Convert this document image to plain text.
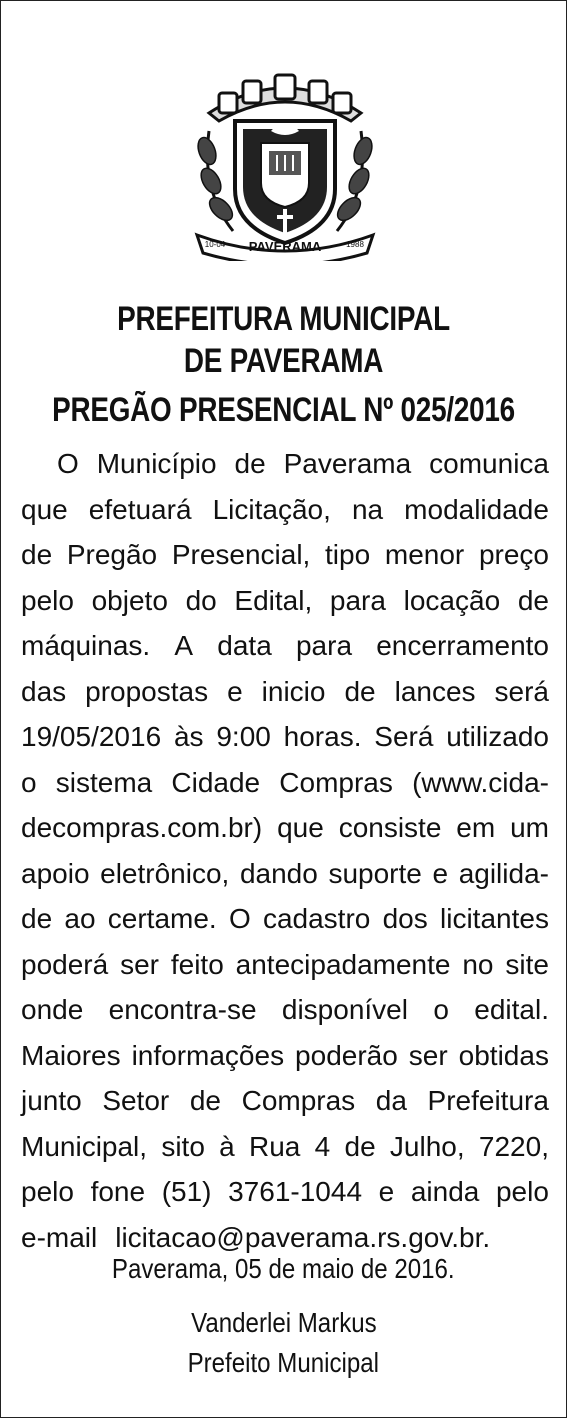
PAVERAMA
10-04	1988
PREFEITURA MUNICIPAL
DE PAVERAMA
PREGÃO PRESENCIAL Nº 025/2016
O Município de Paverama comunica
que efetuará Licitação, na modalidade
de Pregão Presencial, tipo menor preço
pelo objeto do Edital, para locação de
máquinas. A data para encerramento
das propostas e inicio de lances será
19/05/2016 às 9:00 horas. Será utilizado
o sistema Cidade Compras (www.cida-
decompras.com.br) que consiste em um
apoio eletrônico, dando suporte e agilida-
de ao certame. O cadastro dos licitantes
poderá ser feito antecipadamente no site
onde encontra-se disponível o edital.
Maiores informações poderão ser obtidas
junto Setor de Compras da Prefeitura
Municipal, sito à Rua 4 de Julho, 7220,
pelo fone (51) 3761-1044 e ainda pelo
e-mail licitacao@paverama.rs.gov.br.
Paverama, 05 de maio de 2016.
Vanderlei Markus
Prefeito Municipal
